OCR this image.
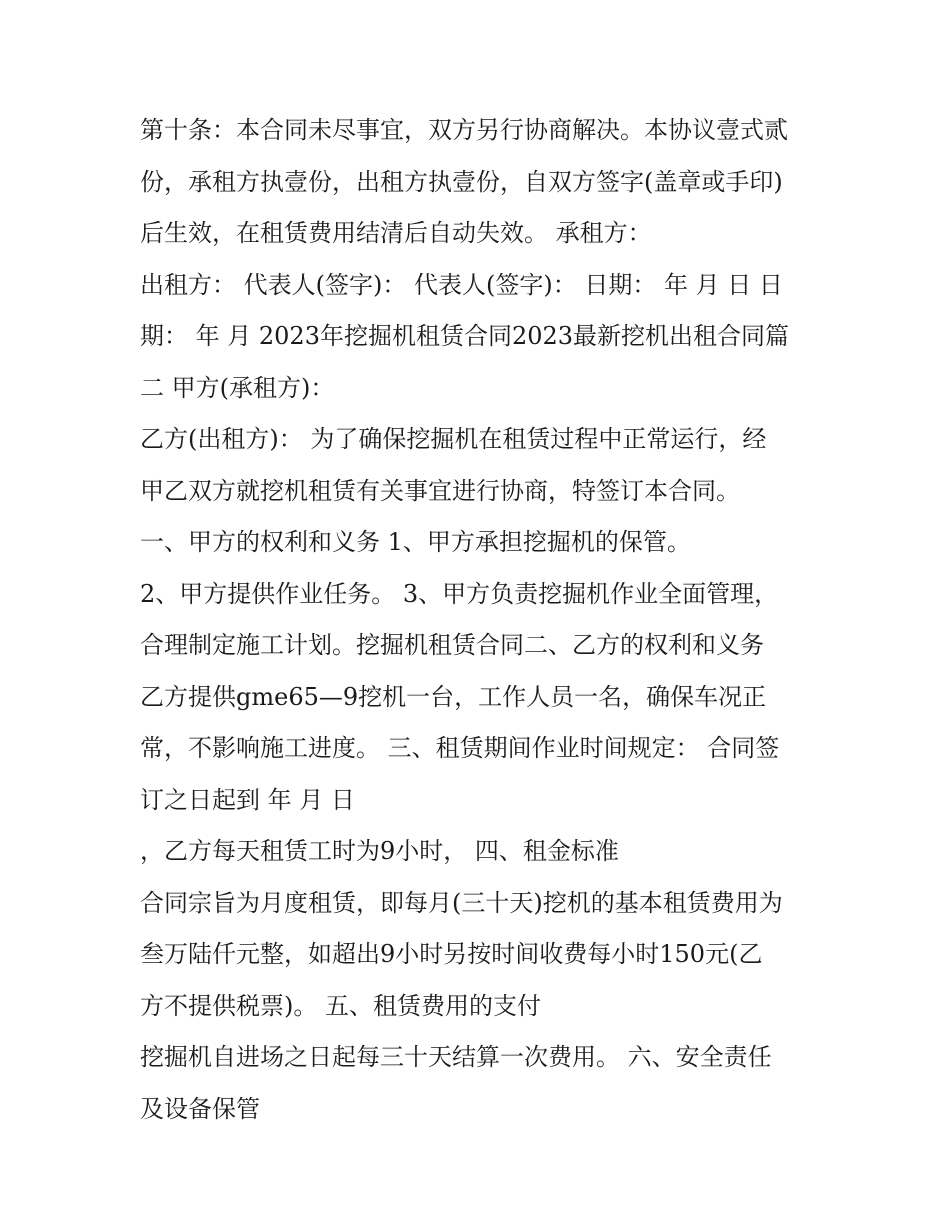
第十条：本合同未尽事宜，双方另行协商解决。本协议壹式贰
份，承租方执壹份，出租方执壹份，自双方签字(盖章或手印)
后生效，在租赁费用结清后自动失效。 承租方：
出租方： 代表人(签字)： 代表人(签字)： 日期： 年 月 日 日
期： 年 月 2023年挖掘机租赁合同2023最新挖机出租合同篇
二 甲方(承租方)：
乙方(出租方)： 为了确保挖掘机在租赁过程中正常运行，经
甲乙双方就挖机租赁有关事宜进行协商，特签订本合同。
一、甲方的权利和义务 1、甲方承担挖掘机的保管。
2、甲方提供作业任务。 3、甲方负责挖掘机作业全面管理，
合理制定施工计划。挖掘机租赁合同二、乙方的权利和义务
乙方提供gme65—9挖机一台，工作人员一名，确保车况正
常，不影响施工进度。 三、租赁期间作业时间规定： 合同签
订之日起到 年 月 日
，乙方每天租赁工时为9小时， 四、租金标准
合同宗旨为月度租赁，即每月(三十天)挖机的基本租赁费用为
叁万陆仟元整，如超出9小时另按时间收费每小时150元(乙
方不提供税票)。 五、租赁费用的支付
挖掘机自进场之日起每三十天结算一次费用。 六、安全责任
及设备保管
